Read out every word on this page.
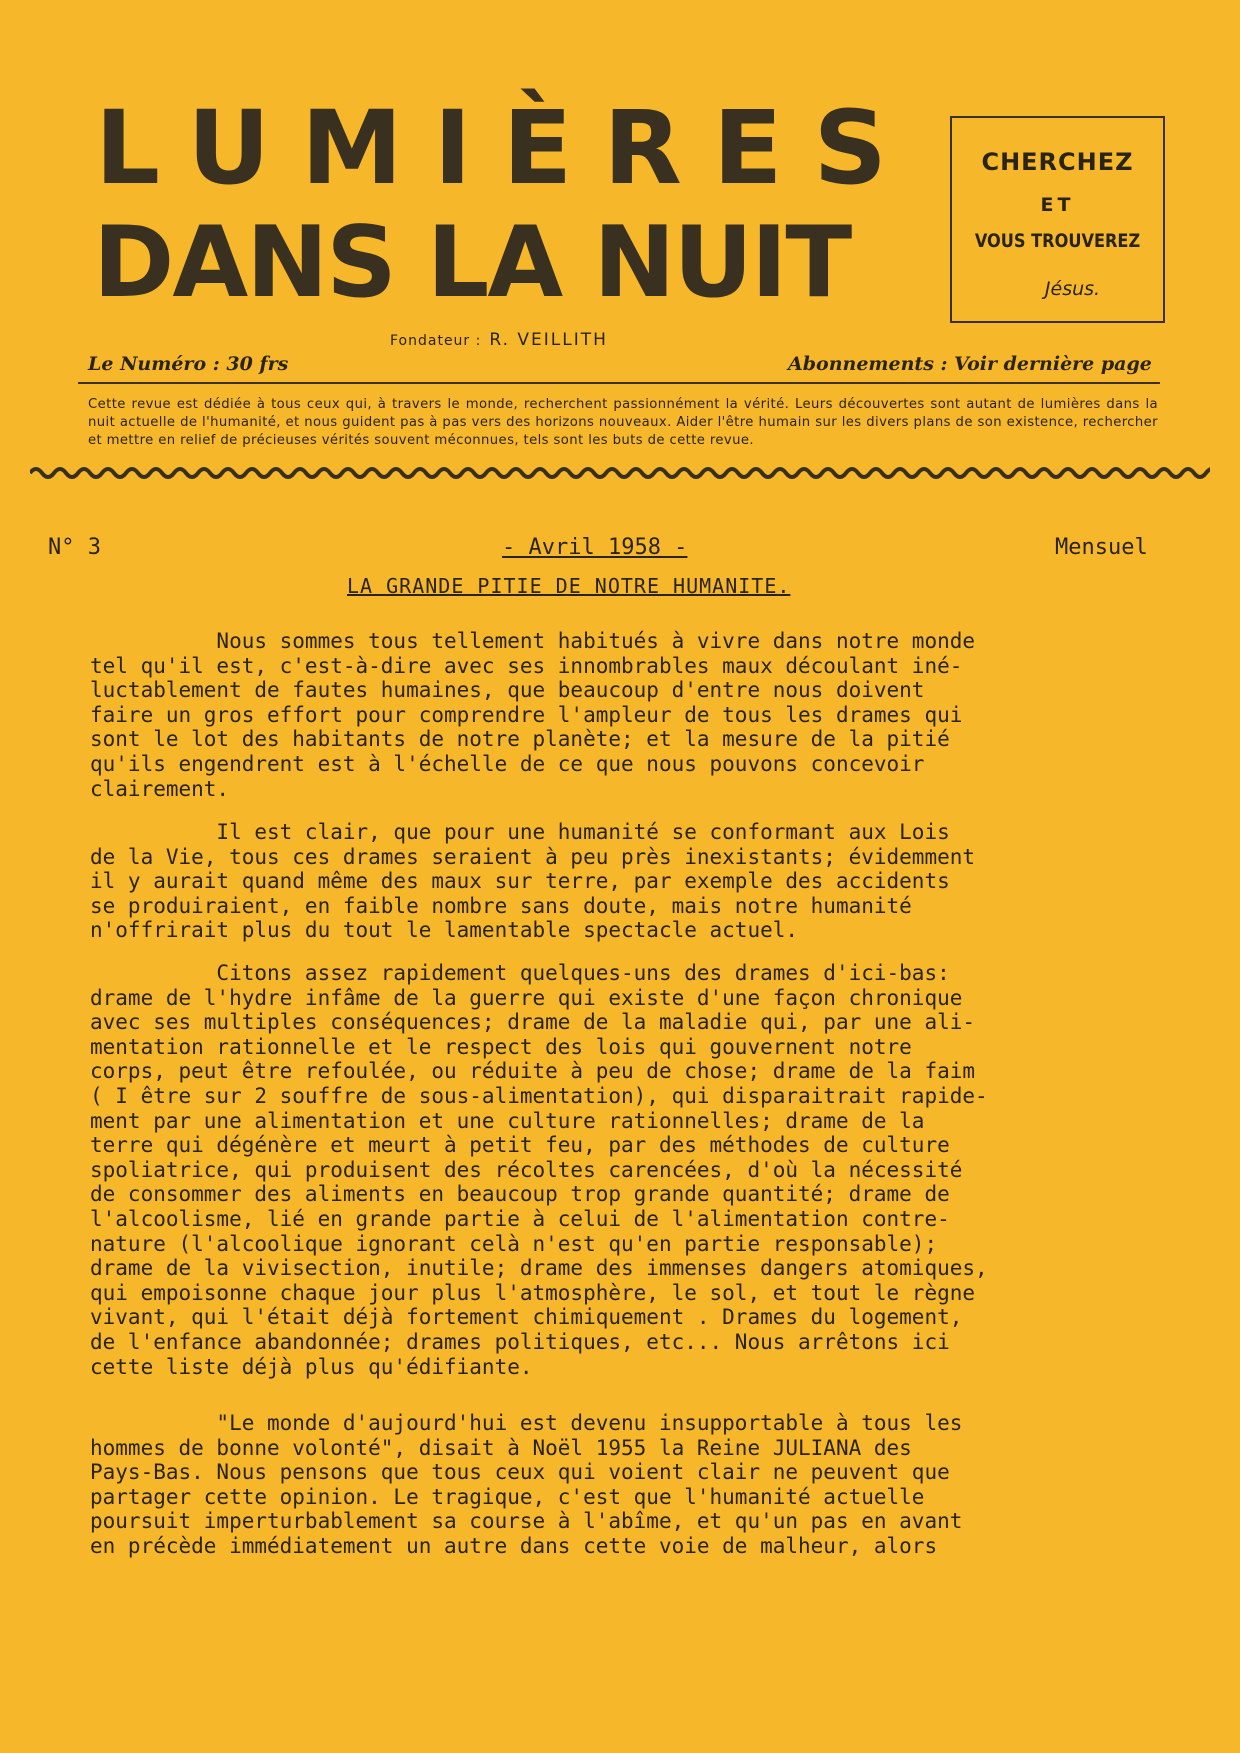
LUMIÈRES
DANS LA NUIT
CHERCHEZ
ET
VOUS TROUVEREZ
Jésus.
Fondateur : R. VEILLITH
Le Numéro : 30 frs	Abonnements : Voir dernière page
Cette revue est dédiée à tous ceux qui, à travers le monde, recherchent passionnément la vérité. Leurs découvertes sont autant de lumières dans la nuit actuelle de l'humanité, et nous guident pas à pas vers des horizons nouveaux. Aider l'être humain sur les divers plans de son existence, rechercher et mettre en relief de précieuses vérités souvent méconnues, tels sont les buts de cette revue.
N° 3	- Avril 1958 -	Mensuel
LA GRANDE PITIE DE NOTRE HUMANITE.
Nous sommes tous tellement habitués à vivre dans notre monde
tel qu'il est, c'est-à-dire avec ses innombrables maux découlant iné-
luctablement de fautes humaines, que beaucoup d'entre nous doivent
faire un gros effort pour comprendre l'ampleur de tous les drames qui
sont le lot des habitants de notre planète; et la mesure de la pitié
qu'ils engendrent est à l'échelle de ce que nous pouvons concevoir
clairement.
Il est clair, que pour une humanité se conformant aux Lois
de la Vie, tous ces drames seraient à peu près inexistants; évidemment
il y aurait quand même des maux sur terre, par exemple des accidents
se produiraient, en faible nombre sans doute, mais notre humanité
n'offrirait plus du tout le lamentable spectacle actuel.
Citons assez rapidement quelques-uns des drames d'ici-bas:
drame de l'hydre infâme de la guerre qui existe d'une façon chronique
avec ses multiples conséquences; drame de la maladie qui, par une ali-
mentation rationnelle et le respect des lois qui gouvernent notre
corps, peut être refoulée, ou réduite à peu de chose; drame de la faim
( I être sur 2 souffre de sous-alimentation), qui disparaitrait rapide-
ment par une alimentation et une culture rationnelles; drame de la
terre qui dégénère et meurt à petit feu, par des méthodes de culture
spoliatrice, qui produisent des récoltes carencées, d'où la nécessité
de consommer des aliments en beaucoup trop grande quantité; drame de
l'alcoolisme, lié en grande partie à celui de l'alimentation contre-
nature (l'alcoolique ignorant celà n'est qu'en partie responsable);
drame de la vivisection, inutile; drame des immenses dangers atomiques,
qui empoisonne chaque jour plus l'atmosphère, le sol, et tout le règne
vivant, qui l'était déjà fortement chimiquement . Drames du logement,
de l'enfance abandonnée; drames politiques, etc... Nous arrêtons ici
cette liste déjà plus qu'édifiante.
"Le monde d'aujourd'hui est devenu insupportable à tous les
hommes de bonne volonté", disait à Noël 1955 la Reine JULIANA des
Pays-Bas. Nous pensons que tous ceux qui voient clair ne peuvent que
partager cette opinion. Le tragique, c'est que l'humanité actuelle
poursuit imperturbablement sa course à l'abîme, et qu'un pas en avant
en précède immédiatement un autre dans cette voie de malheur, alors
